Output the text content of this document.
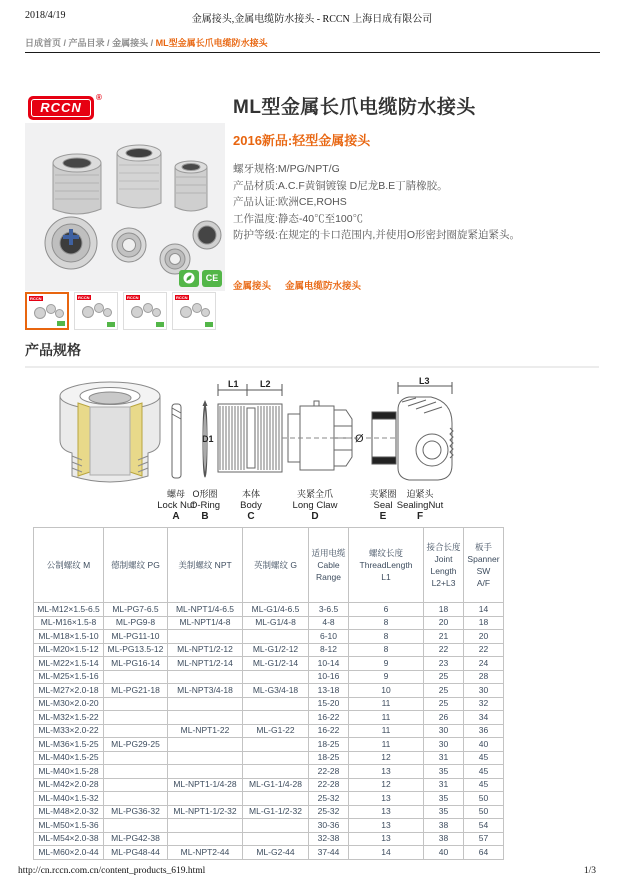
2018/4/19	金属接头,金属电缆防水接头 - RCCN 上海日成有限公司
日成首页 / 产品目录 / 金属接头 / ML型金属长爪电缆防水接头
RCCN
®
CE
ML型金属长爪电缆防水接头
2016新品:轻型金属接头

螺牙规格:M/PG/NPT/G

产品材质:A.C.F黄铜镀镍 D尼龙B.E丁腈橡胶。

产品认证:欧洲CE,ROHS

工作温度:静态-40℃至100℃

防护等级:在规定的卡口范围内,并使用O形密封圈旋紧迫紧头。

金属接头 金属电缆防水接头
RCCN	RCCN	RCCN	RCCN
产品规格
L1 L2
D1	Ø
L3
螺母
Lock Nut
A
O形圈
O-Ring
B
本体
Body
C
夹紧全爪
Long Claw
D
夹紧圈
Seal
E
迫紧头
SealingNut
F
公制螺纹 M	德制螺纹 PG	美制螺纹 NPT	英制螺纹 G	适用电缆
Cable
Range	螺纹长度
ThreadLength
L1	接合长度
Joint
Length
L2+L3	板手
Spanner
SW
A/F
ML-M12×1.5-6.5	ML-PG7-6.5	ML-NPT1/4-6.5	ML-G1/4-6.5	3-6.5	6	18	14
ML-M16×1.5-8	ML-PG9-8	ML-NPT1/4-8	ML-G1/4-8	4-8	8	20	18
ML-M18×1.5-10	ML-PG11-10			6-10	8	21	20
ML-M20×1.5-12	ML-PG13.5-12	ML-NPT1/2-12	ML-G1/2-12	8-12	8	22	22
ML-M22×1.5-14	ML-PG16-14	ML-NPT1/2-14	ML-G1/2-14	10-14	9	23	24
ML-M25×1.5-16				10-16	9	25	28
ML-M27×2.0-18	ML-PG21-18	ML-NPT3/4-18	ML-G3/4-18	13-18	10	25	30
ML-M30×2.0-20				15-20	11	25	32
ML-M32×1.5-22				16-22	11	26	34
ML-M33×2.0-22		ML-NPT1-22	ML-G1-22	16-22	11	30	36
ML-M36×1.5-25	ML-PG29-25			18-25	11	30	40
ML-M40×1.5-25				18-25	12	31	45
ML-M40×1.5-28				22-28	13	35	45
ML-M42×2.0-28		ML-NPT1-1/4-28	ML-G1-1/4-28	22-28	12	31	45
ML-M40×1.5-32				25-32	13	35	50
ML-M48×2.0-32	ML-PG36-32	ML-NPT1-1/2-32	ML-G1-1/2-32	25-32	13	35	50
ML-M50×1.5-36				30-36	13	38	54
ML-M54×2.0-38	ML-PG42-38			32-38	13	38	57
ML-M60×2.0-44	ML-PG48-44	ML-NPT2-44	ML-G2-44	37-44	14	40	64
http://cn.rccn.com.cn/content_products_619.html	1/3
